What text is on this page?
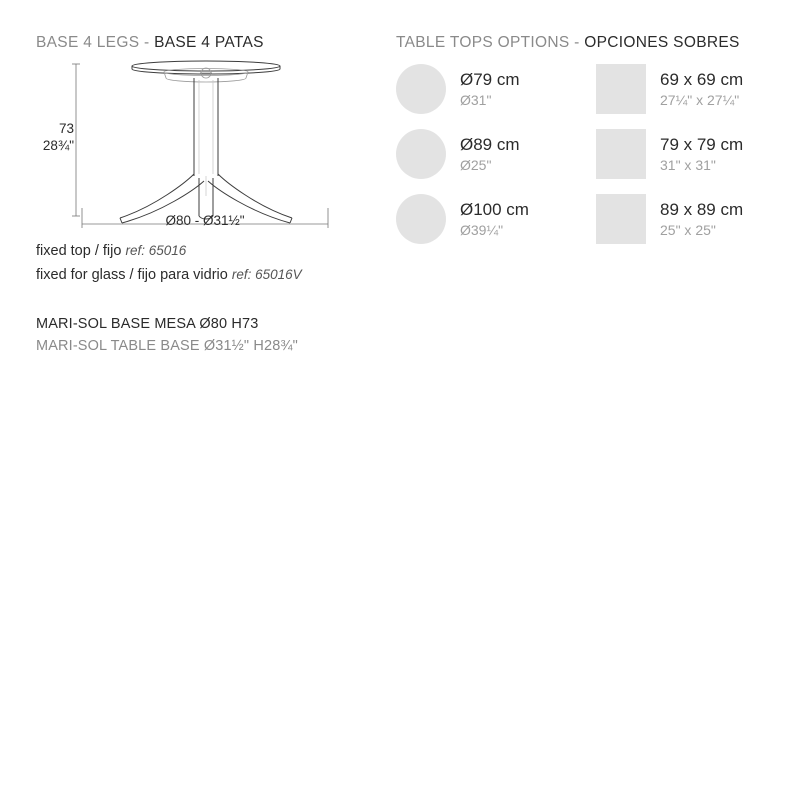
BASE 4 LEGS - BASE 4 PATAS
73
28¾"
Ø80 - Ø31½"
fixed top / fijo ref: 65016
fixed for glass / fijo para vidrio ref: 65016V
MARI-SOL BASE MESA Ø80 H73
MARI-SOL TABLE BASE Ø31½" H28¾"
TABLE TOPS OPTIONS - OPCIONES SOBRES
Ø79 cm
Ø31"
Ø89 cm
Ø25"
Ø100 cm
Ø39¼"
69 x 69 cm
27¼" x 27¼"
79 x 79 cm
31" x 31"
89 x 89 cm
25" x 25"
